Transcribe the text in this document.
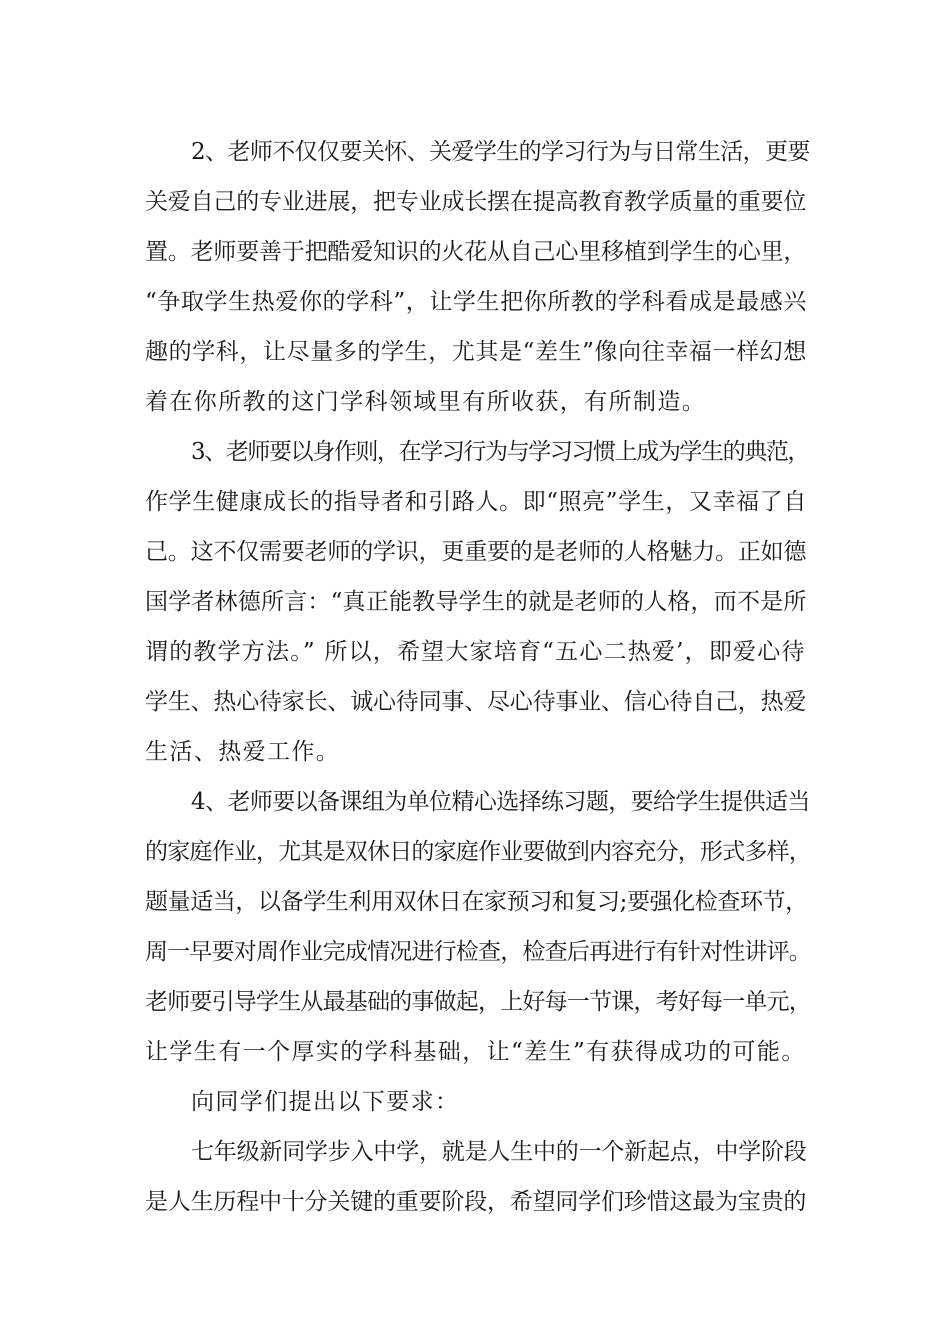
2、老师不仅仅要关怀、关爱学生的学习行为与日常生活，更要
关爱自己的专业进展，把专业成长摆在提高教育教学质量的重要位
置。老师要善于把酷爱知识的火花从自己心里移植到学生的心里，
“争取学生热爱你的学科”，让学生把你所教的学科看成是最感兴
趣的学科，让尽量多的学生，尤其是“差生”像向往幸福一样幻想
着在你所教的这门学科领域里有所收获，有所制造。
3、老师要以身作则，在学习行为与学习习惯上成为学生的典范，
作学生健康成长的指导者和引路人。即“照亮”学生，又幸福了自
己。这不仅需要老师的学识，更重要的是老师的人格魅力。正如德
国学者林德所言：“真正能教导学生的就是老师的人格，而不是所
谓的教学方法。” 所以，希望大家培育“五心二热爱’，即爱心待
学生、热心待家长、诚心待同事、尽心待事业、信心待自己，热爱
生活、热爱工作。
4、老师要以备课组为单位精心选择练习题，要给学生提供适当
的家庭作业，尤其是双休日的家庭作业要做到内容充分，形式多样，
题量适当，以备学生利用双休日在家预习和复习;要强化检查环节，
周一早要对周作业完成情况进行检查，检查后再进行有针对性讲评。
老师要引导学生从最基础的事做起，上好每一节课，考好每一单元，
让学生有一个厚实的学科基础，让“差生”有获得成功的可能。
向同学们提出以下要求：
七年级新同学步入中学，就是人生中的一个新起点，中学阶段
是人生历程中十分关键的重要阶段，希望同学们珍惜这最为宝贵的
